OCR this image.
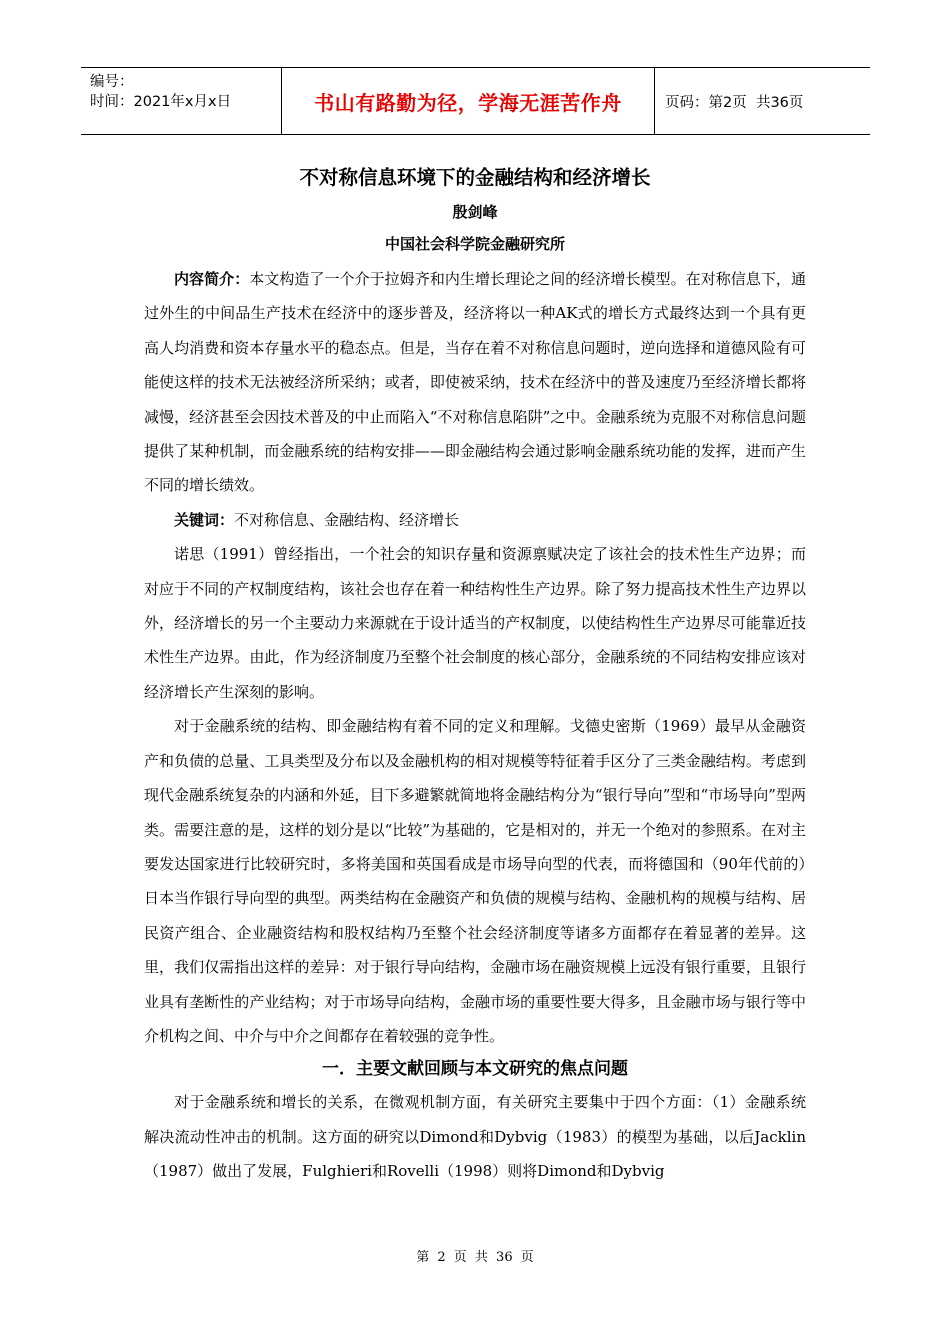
编号：
时间：2021年x月x日	书山有路勤为径，学海无涯苦作舟	页码：第2页  共36页
不对称信息环境下的金融结构和经济增长
殷剑峰
中国社会科学院金融研究所

内容简介：本文构造了一个介于拉姆齐和内生增长理论之间的经济增长模型。在对称信息下，通过外生的中间品生产技术在经济中的逐步普及，经济将以一种AK式的增长方式最终达到一个具有更高人均消费和资本存量水平的稳态点。但是，当存在着不对称信息问题时，逆向选择和道德风险有可能使这样的技术无法被经济所采纳；或者，即使被采纳，技术在经济中的普及速度乃至经济增长都将减慢，经济甚至会因技术普及的中止而陷入“不对称信息陷阱”之中。金融系统为克服不对称信息问题提供了某种机制，而金融系统的结构安排——即金融结构会通过影响金融系统功能的发挥，进而产生不同的增长绩效。

关键词：不对称信息、金融结构、经济增长

诺思（1991）曾经指出，一个社会的知识存量和资源禀赋决定了该社会的技术性生产边界；而对应于不同的产权制度结构，该社会也存在着一种结构性生产边界。除了努力提高技术性生产边界以外，经济增长的另一个主要动力来源就在于设计适当的产权制度，以使结构性生产边界尽可能靠近技术性生产边界。由此，作为经济制度乃至整个社会制度的核心部分，金融系统的不同结构安排应该对经济增长产生深刻的影响。

对于金融系统的结构、即金融结构有着不同的定义和理解。戈德史密斯（1969）最早从金融资产和负债的总量、工具类型及分布以及金融机构的相对规模等特征着手区分了三类金融结构。考虑到现代金融系统复杂的内涵和外延，目下多避繁就简地将金融结构分为“银行导向”型和“市场导向”型两类。需要注意的是，这样的划分是以“比较”为基础的，它是相对的，并无一个绝对的参照系。在对主要发达国家进行比较研究时，多将美国和英国看成是市场导向型的代表，而将德国和（90年代前的）日本当作银行导向型的典型。两类结构在金融资产和负债的规模与结构、金融机构的规模与结构、居民资产组合、企业融资结构和股权结构乃至整个社会经济制度等诸多方面都存在着显著的差异。这里，我们仅需指出这样的差异：对于银行导向结构，金融市场在融资规模上远没有银行重要，且银行业具有垄断性的产业结构；对于市场导向结构，金融市场的重要性要大得多，且金融市场与银行等中介机构之间、中介与中介之间都存在着较强的竞争性。

一．主要文献回顾与本文研究的焦点问题

对于金融系统和增长的关系，在微观机制方面，有关研究主要集中于四个方面：（1）金融系统解决流动性冲击的机制。这方面的研究以Dimond和Dybvig（1983）的模型为基础，以后Jacklin（1987）做出了发展，Fulghieri和Rovelli（1998）则将Dimond和Dybvig

第 2 页 共 36 页
